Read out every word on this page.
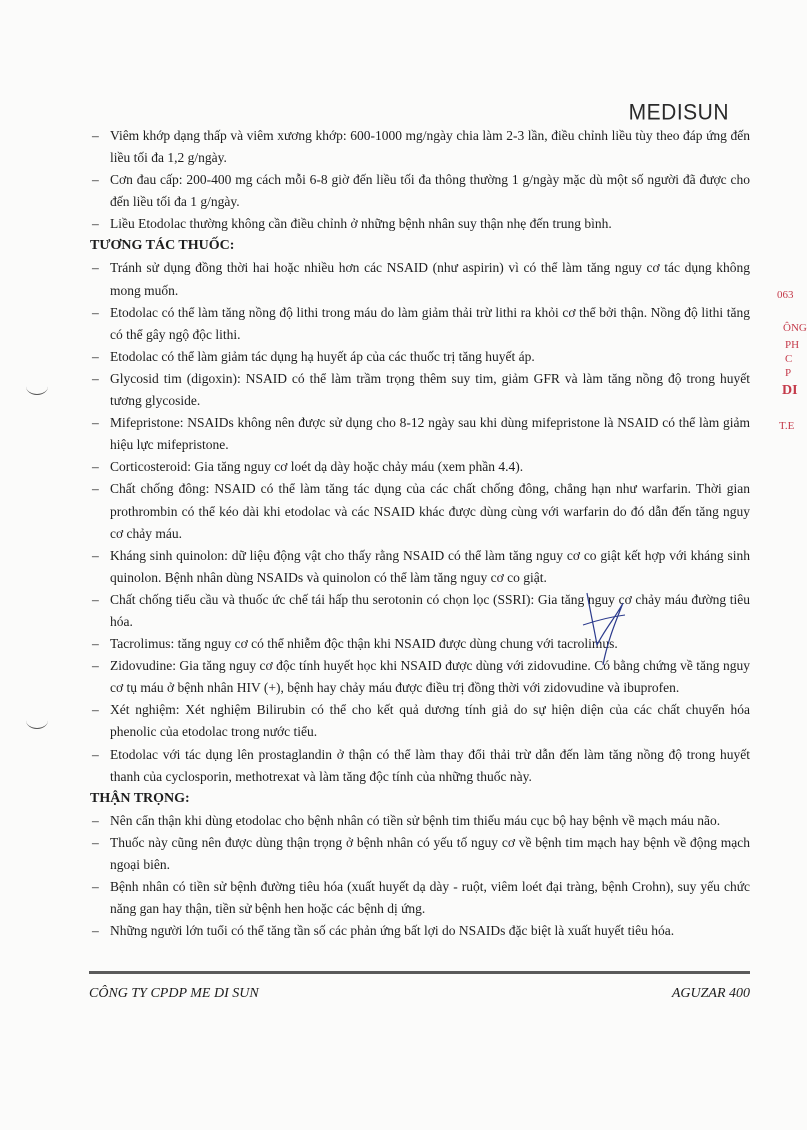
MEDISUN
– Viêm khớp dạng thấp và viêm xương khớp: 600-1000 mg/ngày chia làm 2-3 lần, điều chỉnh liều tùy theo đáp ứng đến liều tối đa 1,2 g/ngày.
– Cơn đau cấp: 200-400 mg cách mỗi 6-8 giờ đến liều tối đa thông thường 1 g/ngày mặc dù một số người đã được cho đến liều tối đa 1 g/ngày.
– Liều Etodolac thường không cần điều chỉnh ở những bệnh nhân suy thận nhẹ đến trung bình.
TƯƠNG TÁC THUỐC:
– Tránh sử dụng đồng thời hai hoặc nhiều hơn các NSAID (như aspirin) vì có thể làm tăng nguy cơ tác dụng không mong muốn.
– Etodolac có thể làm tăng nồng độ lithi trong máu do làm giảm thải trừ lithi ra khỏi cơ thể bởi thận. Nồng độ lithi tăng có thể gây ngộ độc lithi.
– Etodolac có thể làm giảm tác dụng hạ huyết áp của các thuốc trị tăng huyết áp.
– Glycosid tim (digoxin): NSAID có thể làm trầm trọng thêm suy tim, giảm GFR và làm tăng nồng độ trong huyết tương glycoside.
– Mifepristone: NSAIDs không nên được sử dụng cho 8-12 ngày sau khi dùng mifepristone là NSAID có thể làm giảm hiệu lực mifepristone.
– Corticosteroid: Gia tăng nguy cơ loét dạ dày hoặc chảy máu (xem phần 4.4).
– Chất chống đông: NSAID có thể làm tăng tác dụng của các chất chống đông, chẳng hạn như warfarin. Thời gian prothrombin có thể kéo dài khi etodolac và các NSAID khác được dùng cùng với warfarin do đó dẫn đến tăng nguy cơ chảy máu.
– Kháng sinh quinolon: dữ liệu động vật cho thấy rằng NSAID có thể làm tăng nguy cơ co giật kết hợp với kháng sinh quinolon. Bệnh nhân dùng NSAIDs và quinolon có thể làm tăng nguy cơ co giật.
– Chất chống tiểu cầu và thuốc ức chế tái hấp thu serotonin có chọn lọc (SSRI): Gia tăng nguy cơ chảy máu đường tiêu hóa.
– Tacrolimus: tăng nguy cơ có thể nhiễm độc thận khi NSAID được dùng chung với tacrolimus.
– Zidovudine: Gia tăng nguy cơ độc tính huyết học khi NSAID được dùng với zidovudine. Có bằng chứng về tăng nguy cơ tụ máu ở bệnh nhân HIV (+), bệnh hay chảy máu được điều trị đồng thời với zidovudine và ibuprofen.
– Xét nghiệm: Xét nghiệm Bilirubin có thể cho kết quả dương tính giả do sự hiện diện của các chất chuyển hóa phenolic của etodolac trong nước tiểu.
– Etodolac với tác dụng lên prostaglandin ở thận có thể làm thay đổi thải trừ dẫn đến làm tăng nồng độ trong huyết thanh của cyclosporin, methotrexat và làm tăng độc tính của những thuốc này.
THẬN TRỌNG:
– Nên cẩn thận khi dùng etodolac cho bệnh nhân có tiền sử bệnh tim thiếu máu cục bộ hay bệnh về mạch máu não.
– Thuốc này cũng nên được dùng thận trọng ở bệnh nhân có yếu tố nguy cơ về bệnh tim mạch hay bệnh về động mạch ngoại biên.
– Bệnh nhân có tiền sử bệnh đường tiêu hóa (xuất huyết dạ dày - ruột, viêm loét đại tràng, bệnh Crohn), suy yếu chức năng gan hay thận, tiền sử bệnh hen hoặc các bệnh dị ứng.
– Những người lớn tuổi có thể tăng tần số các phản ứng bất lợi do NSAIDs đặc biệt là xuất huyết tiêu hóa.
CÔNG TY CPDP ME DI SUN	AGUZAR 400
063
ÔNG
PH
C P
DI
T.E
